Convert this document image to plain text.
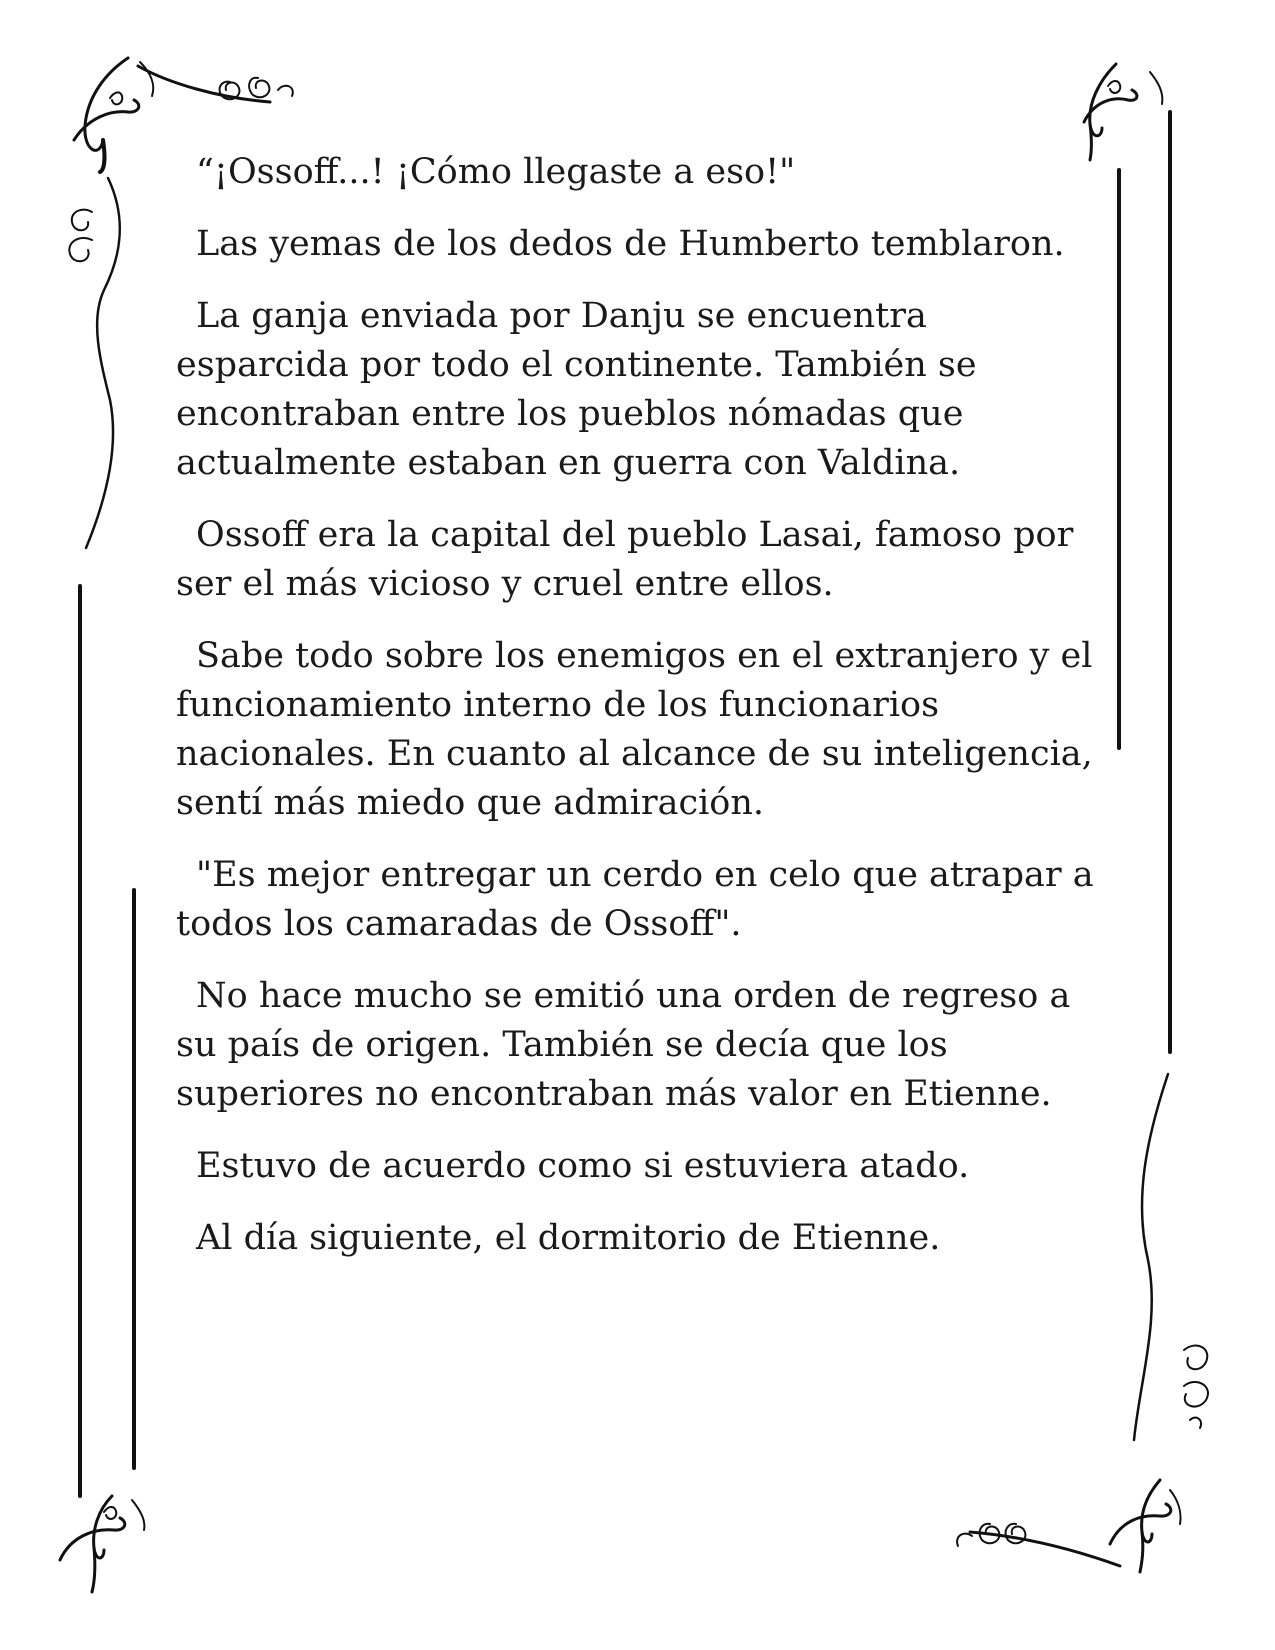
“¡Ossoff...! ¡Cómo llegaste a eso!"

Las yemas de los dedos de Humberto temblaron.

La ganja enviada por Danju se encuentra esparcida por todo el continente. También se encontraban entre los pueblos nómadas que actualmente estaban en guerra con Valdina.

Ossoff era la capital del pueblo Lasai, famoso por ser el más vicioso y cruel entre ellos.

Sabe todo sobre los enemigos en el extranjero y el funcionamiento interno de los funcionarios nacionales. En cuanto al alcance de su inteligencia, sentí más miedo que admiración.

"Es mejor entregar un cerdo en celo que atrapar a todos los camaradas de Ossoff".

No hace mucho se emitió una orden de regreso a su país de origen. También se decía que los superiores no encontraban más valor en Etienne.

Estuvo de acuerdo como si estuviera atado.

Al día siguiente, el dormitorio de Etienne.
